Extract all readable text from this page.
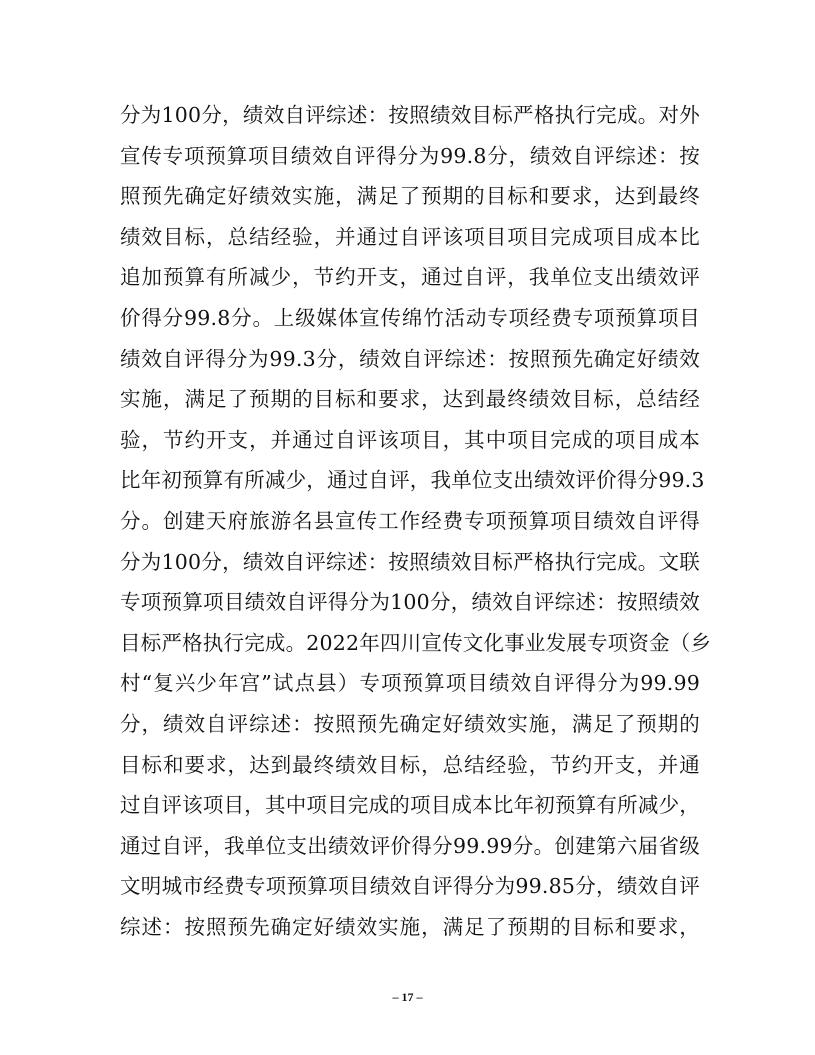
分为100分，绩效自评综述：按照绩效目标严格执行完成。对外
宣传专项预算项目绩效自评得分为99.8分，绩效自评综述：按
照预先确定好绩效实施，满足了预期的目标和要求，达到最终
绩效目标，总结经验，并通过自评该项目项目完成项目成本比
追加预算有所减少，节约开支，通过自评，我单位支出绩效评
价得分99.8分。上级媒体宣传绵竹活动专项经费专项预算项目
绩效自评得分为99.3分，绩效自评综述：按照预先确定好绩效
实施，满足了预期的目标和要求，达到最终绩效目标，总结经
验，节约开支，并通过自评该项目，其中项目完成的项目成本
比年初预算有所减少，通过自评，我单位支出绩效评价得分99.3
分。创建天府旅游名县宣传工作经费专项预算项目绩效自评得
分为100分，绩效自评综述：按照绩效目标严格执行完成。文联
专项预算项目绩效自评得分为100分，绩效自评综述：按照绩效
目标严格执行完成。2022年四川宣传文化事业发展专项资金（乡
村“复兴少年宫”试点县）专项预算项目绩效自评得分为99.99
分，绩效自评综述：按照预先确定好绩效实施，满足了预期的
目标和要求，达到最终绩效目标，总结经验，节约开支，并通
过自评该项目，其中项目完成的项目成本比年初预算有所减少，
通过自评，我单位支出绩效评价得分99.99分。创建第六届省级
文明城市经费专项预算项目绩效自评得分为99.85分，绩效自评
综述：按照预先确定好绩效实施，满足了预期的目标和要求，
– 17 –
